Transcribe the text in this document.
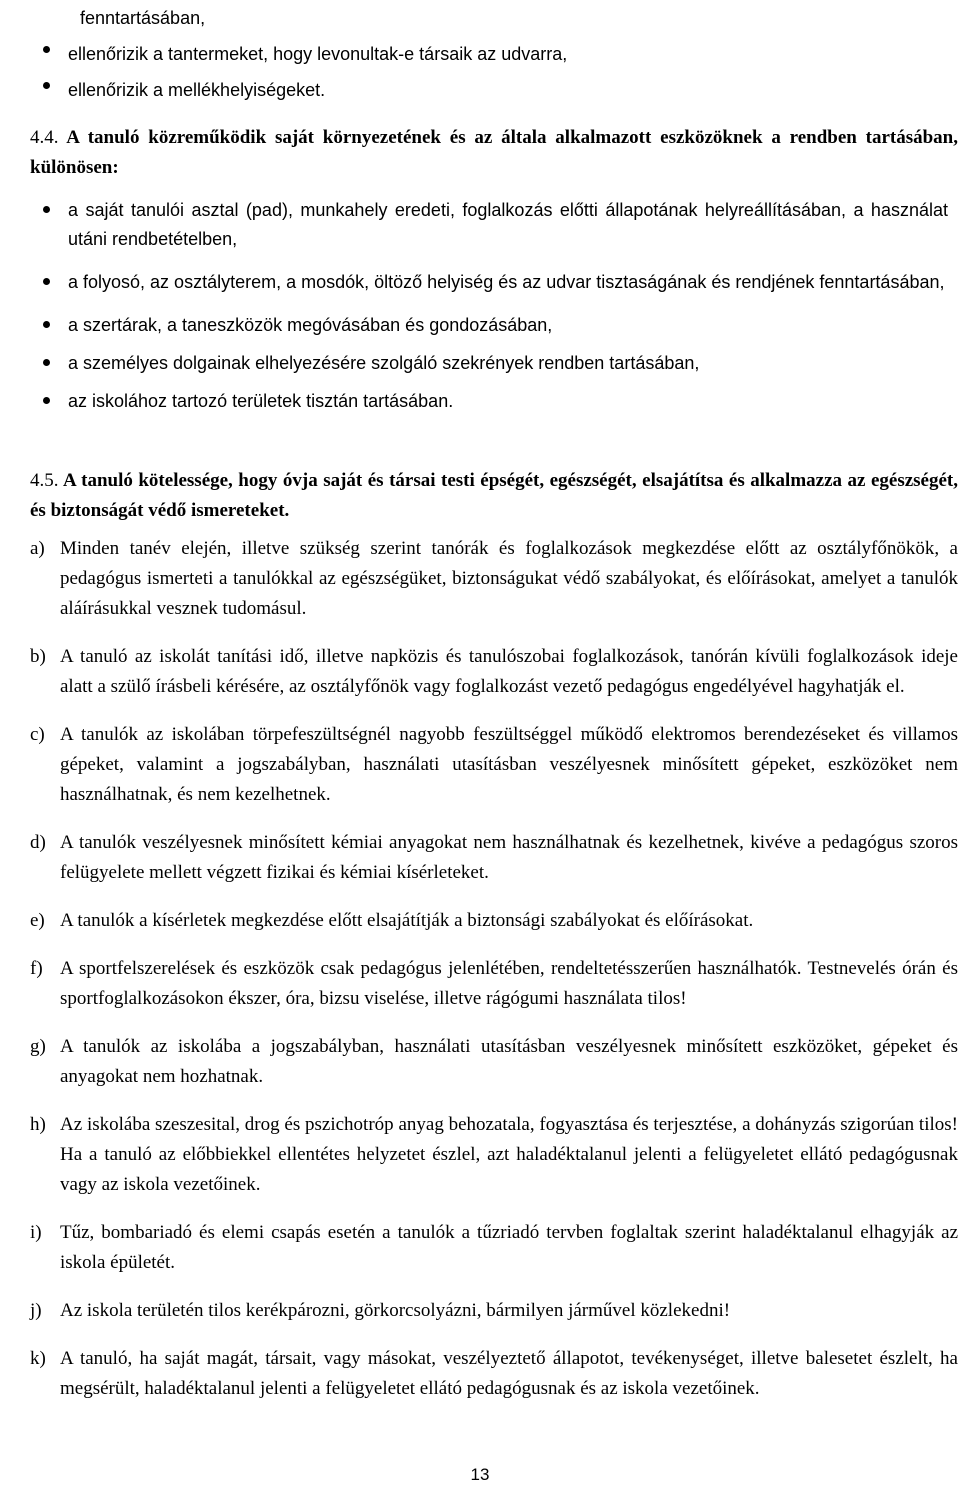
fenntartásában,
ellenőrizik a tantermeket, hogy levonultak-e társaik az udvarra,
ellenőrizik a mellékhelyiségeket.

4.4. A tanuló közreműködik saját környezetének és az általa alkalmazott eszközöknek a rendben tartásában, különösen:

a saját tanulói asztal (pad), munkahely eredeti, foglalkozás előtti állapotának helyreállításában, a használat utáni rendbetételben,
a folyosó, az osztályterem, a mosdók, öltöző helyiség és az udvar tisztaságának és rendjének fenntartásában,
a szertárak, a taneszközök megóvásában és gondozásában,
a személyes dolgainak elhelyezésére szolgáló szekrények rendben tartásában,
az iskolához tartozó területek tisztán tartásában.

4.5. A tanuló kötelessége, hogy óvja saját és társai testi épségét, egészségét, elsajátítsa és alkalmazza az egészségét, és biztonságát védő ismereteket.

a) Minden tanév elején, illetve szükség szerint tanórák és foglalkozások megkezdése előtt az osztályfőnökök, a pedagógus ismerteti a tanulókkal az egészségüket, biztonságukat védő szabályokat, és előírásokat, amelyet a tanulók aláírásukkal vesznek tudomásul.
b) A tanuló az iskolát tanítási idő, illetve napközis és tanulószobai foglalkozások, tanórán kívüli foglalkozások ideje alatt a szülő írásbeli kérésére, az osztályfőnök vagy foglalkozást vezető pedagógus engedélyével hagyhatják el.
c) A tanulók az iskolában törpefeszültségnél nagyobb feszültséggel működő elektromos berendezéseket és villamos gépeket, valamint a jogszabályban, használati utasításban veszélyesnek minősített gépeket, eszközöket nem használhatnak, és nem kezelhetnek.
d) A tanulók veszélyesnek minősített kémiai anyagokat nem használhatnak és kezelhetnek, kivéve a pedagógus szoros felügyelete mellett végzett fizikai és kémiai kísérleteket.
e) A tanulók a kísérletek megkezdése előtt elsajátítják a biztonsági szabályokat és előírásokat.
f) A sportfelszerelések és eszközök csak pedagógus jelenlétében, rendeltetésszerűen használhatók. Testnevelés órán és sportfoglalkozásokon ékszer, óra, bizsu viselése, illetve rágógumi használata tilos!
g) A tanulók az iskolába a jogszabályban, használati utasításban veszélyesnek minősített eszközöket, gépeket és anyagokat nem hozhatnak.
h) Az iskolába szeszesital, drog és pszichotróp anyag behozatala, fogyasztása és terjesztése, a dohányzás szigorúan tilos! Ha a tanuló az előbbiekkel ellentétes helyzetet észlel, azt haladéktalanul jelenti a felügyeletet ellátó pedagógusnak vagy az iskola vezetőinek.
i) Tűz, bombariadó és elemi csapás esetén a tanulók a tűzriadó tervben foglaltak szerint haladéktalanul elhagyják az iskola épületét.
j) Az iskola területén tilos kerékpározni, görkorcsolyázni, bármilyen járművel közlekedni!
k) A tanuló, ha saját magát, társait, vagy másokat, veszélyeztető állapotot, tevékenységet, illetve balesetet észlelt, ha megsérült, haladéktalanul jelenti a felügyeletet ellátó pedagógusnak és az iskola vezetőinek.
13
